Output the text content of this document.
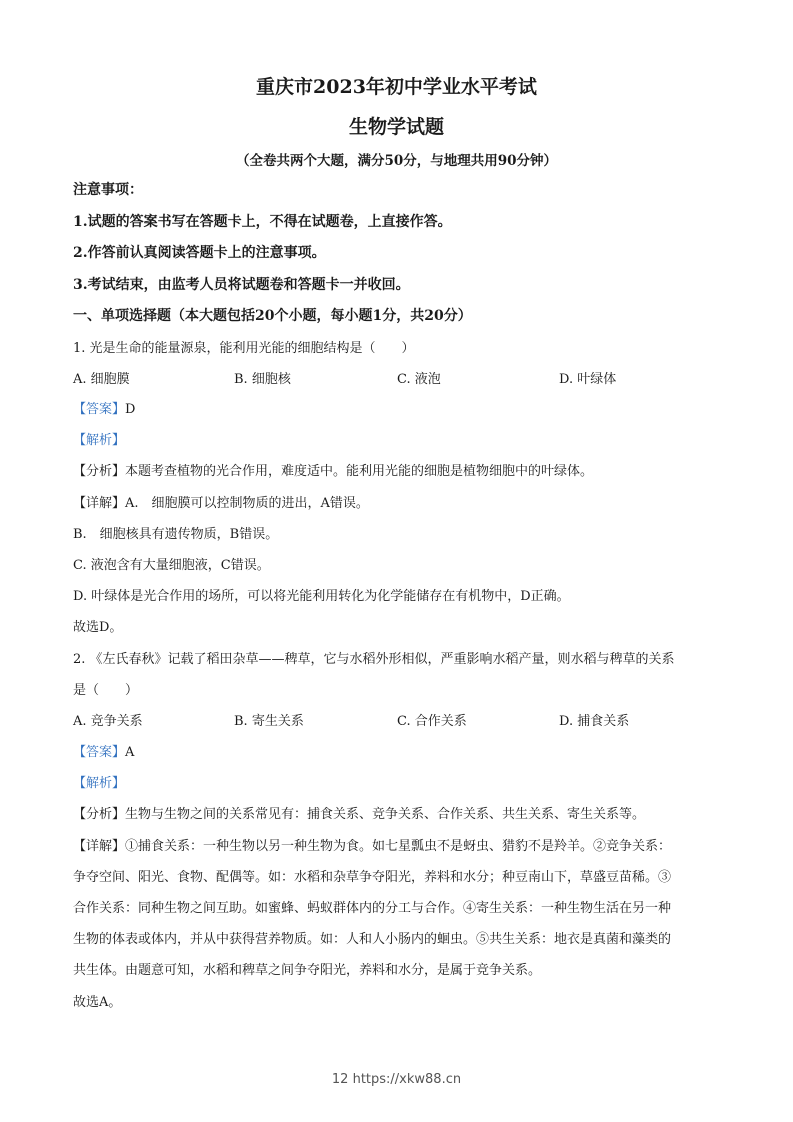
重庆市2023年初中学业水平考试
生物学试题
（全卷共两个大题，满分50分，与地理共用90分钟）
注意事项：
1.试题的答案书写在答题卡上，不得在试题卷，上直接作答。
2.作答前认真阅读答题卡上的注意事项。
3.考试结束，由监考人员将试题卷和答题卡一并收回。
一、单项选择题（本大题包括20个小题，每小题1分，共20分）
1. 光是生命的能量源泉，能利用光能的细胞结构是（　　）
A. 细胞膜	B. 细胞核	C. 液泡	D. 叶绿体
【答案】D
【解析】
【分析】本题考查植物的光合作用，难度适中。能利用光能的细胞是植物细胞中的叶绿体。
【详解】A.　细胞膜可以控制物质的进出，A错误。
B.　细胞核具有遗传物质，B错误。
C. 液泡含有大量细胞液，C错误。
D. 叶绿体是光合作用的场所，可以将光能利用转化为化学能储存在有机物中，D正确。
故选D。
2. 《左氏春秋》记载了稻田杂草——稗草，它与水稻外形相似，严重影响水稻产量，则水稻与稗草的关系
是（　　）
A. 竞争关系	B. 寄生关系	C. 合作关系	D. 捕食关系
【答案】A
【解析】
【分析】生物与生物之间的关系常见有：捕食关系、竞争关系、合作关系、共生关系、寄生关系等。
【详解】①捕食关系：一种生物以另一种生物为食。如七星瓢虫不是蚜虫、猎豹不是羚羊。②竞争关系：
争夺空间、阳光、食物、配偶等。如：水稻和杂草争夺阳光，养料和水分；种豆南山下，草盛豆苗稀。③
合作关系：同种生物之间互助。如蜜蜂、蚂蚁群体内的分工与合作。④寄生关系：一种生物生活在另一种
生物的体表或体内，并从中获得营养物质。如：人和人小肠内的蛔虫。⑤共生关系：地衣是真菌和藻类的
共生体。由题意可知，水稻和稗草之间争夺阳光，养料和水分，是属于竞争关系。
故选A。
12 https://xkw88.cn
